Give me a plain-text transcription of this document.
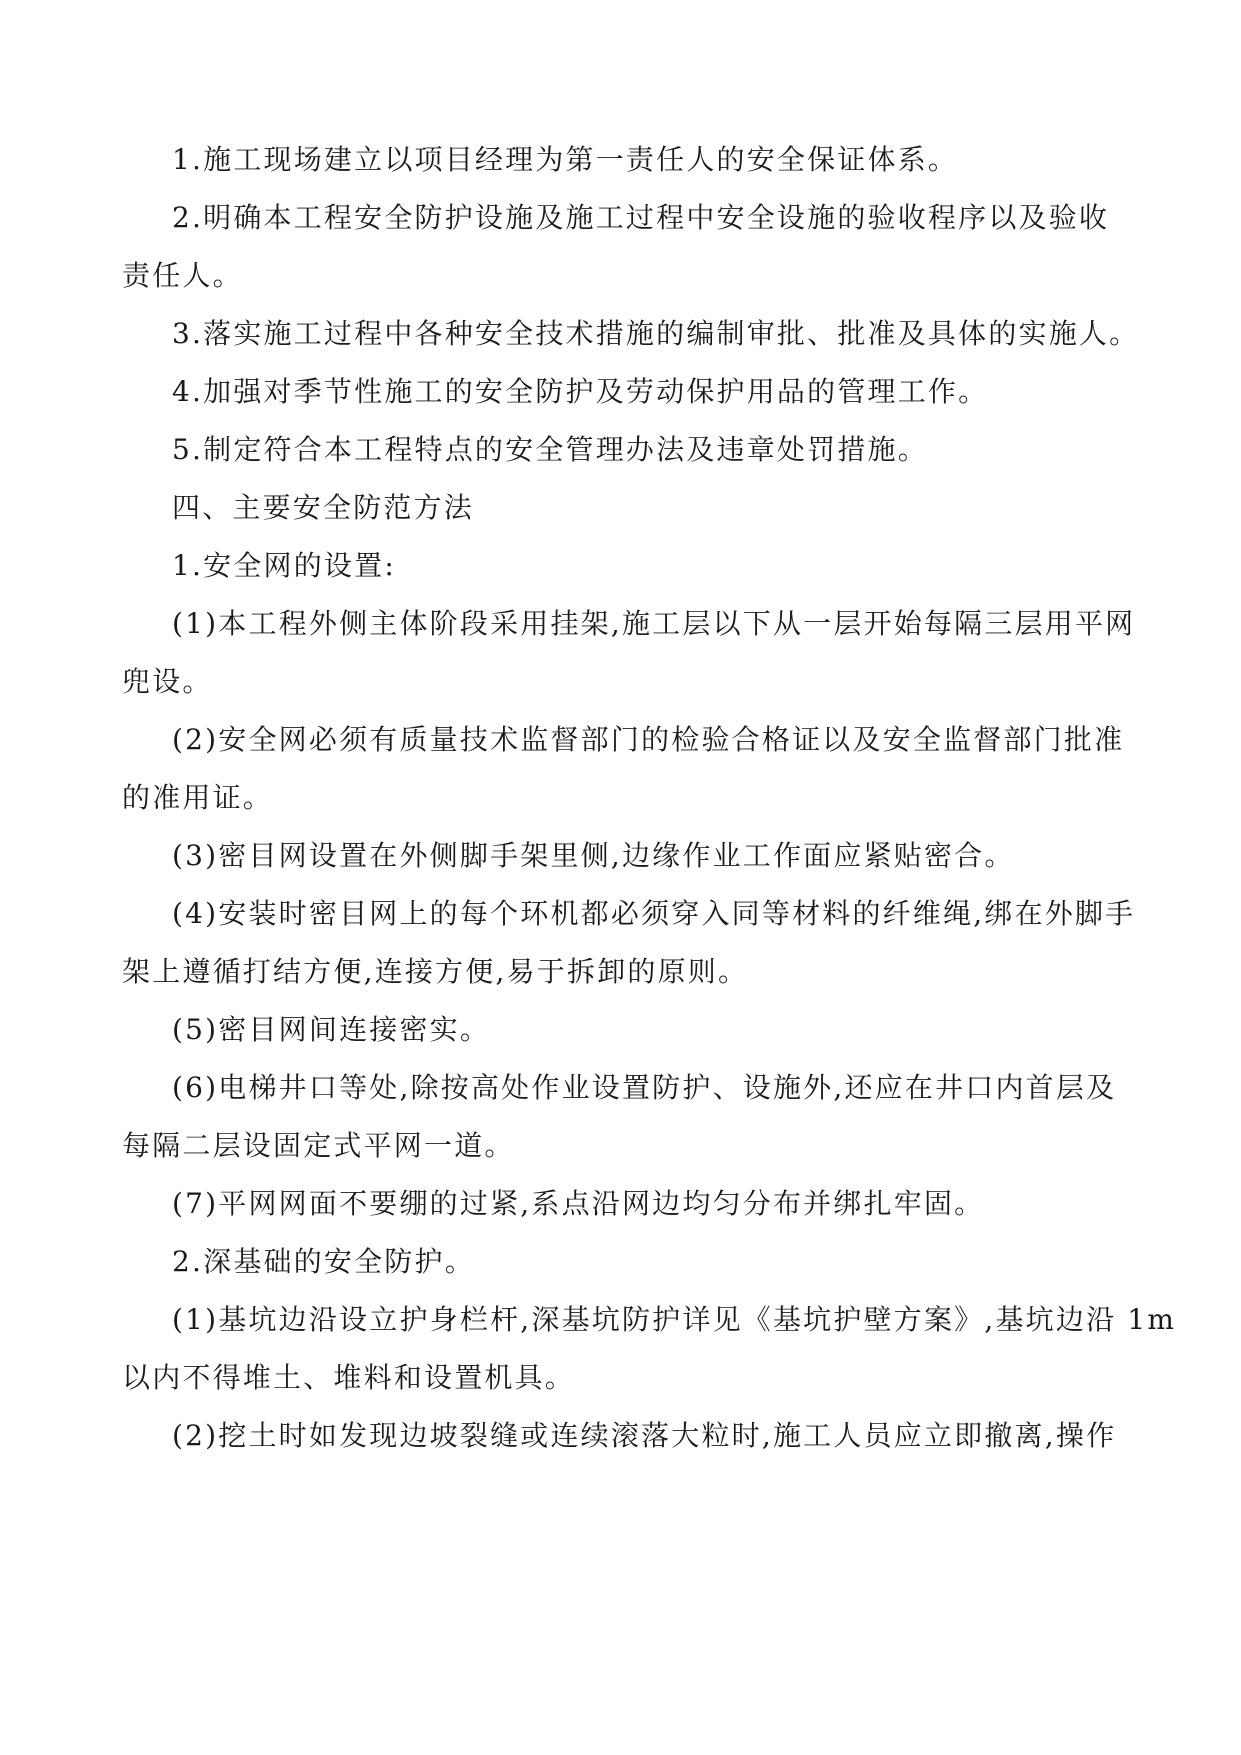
1.施工现场建立以项目经理为第一责任人的安全保证体系。
2.明确本工程安全防护设施及施工过程中安全设施的验收程序以及验收
责任人。
3.落实施工过程中各种安全技术措施的编制审批、批准及具体的实施人。
4.加强对季节性施工的安全防护及劳动保护用品的管理工作。
5.制定符合本工程特点的安全管理办法及违章处罚措施。
四、主要安全防范方法
1.安全网的设置:
(1)本工程外侧主体阶段采用挂架,施工层以下从一层开始每隔三层用平网
兜设。
(2)安全网必须有质量技术监督部门的检验合格证以及安全监督部门批准
的准用证。
(3)密目网设置在外侧脚手架里侧,边缘作业工作面应紧贴密合。
(4)安装时密目网上的每个环机都必须穿入同等材料的纤维绳,绑在外脚手
架上遵循打结方便,连接方便,易于拆卸的原则。
(5)密目网间连接密实。
(6)电梯井口等处,除按高处作业设置防护、设施外,还应在井口内首层及
每隔二层设固定式平网一道。
(7)平网网面不要绷的过紧,系点沿网边均匀分布并绑扎牢固。
2.深基础的安全防护。
(1)基坑边沿设立护身栏杆,深基坑防护详见《基坑护壁方案》,基坑边沿 1m
以内不得堆土、堆料和设置机具。
(2)挖土时如发现边坡裂缝或连续滚落大粒时,施工人员应立即撤离,操作
